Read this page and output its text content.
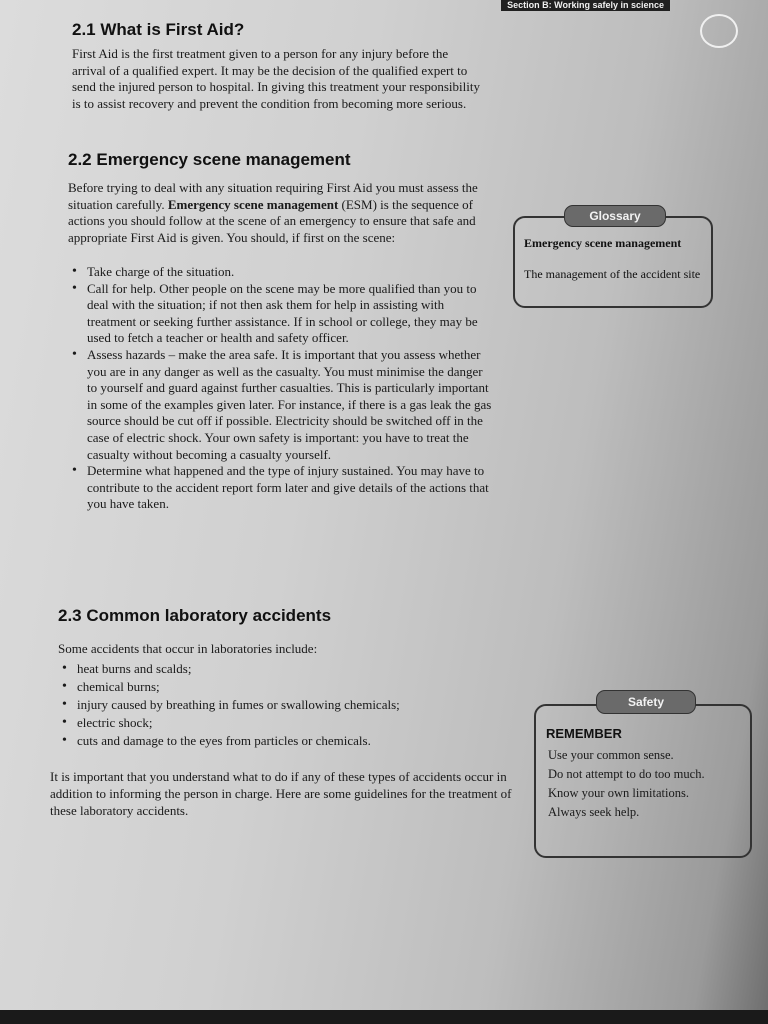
Section B: Working safely in science
2.1 What is First Aid?
First Aid is the first treatment given to a person for any injury before the arrival of a qualified expert. It may be the decision of the qualified expert to send the injured person to hospital. In giving this treatment your responsibility is to assist recovery and prevent the condition from becoming more serious.
2.2 Emergency scene management
Before trying to deal with any situation requiring First Aid you must assess the situation carefully. Emergency scene management (ESM) is the sequence of actions you should follow at the scene of an emergency to ensure that safe and appropriate First Aid is given. You should, if first on the scene:
• Take charge of the situation.
• Call for help. Other people on the scene may be more qualified than you to deal with the situation; if not then ask them for help in assisting with treatment or seeking further assistance. If in school or college, they may be used to fetch a teacher or health and safety officer.
• Assess hazards – make the area safe. It is important that you assess whether you are in any danger as well as the casualty. You must minimise the danger to yourself and guard against further casualties. This is particularly important in some of the examples given later. For instance, if there is a gas leak the gas source should be cut off if possible. Electricity should be switched off in the case of electric shock. Your own safety is important: you have to treat the casualty without becoming a casualty yourself.
• Determine what happened and the type of injury sustained. You may have to contribute to the accident report form later and give details of the actions that you have taken.
Glossary
Emergency scene management
The management of the accident site
2.3 Common laboratory accidents
Some accidents that occur in laboratories include:
• heat burns and scalds;
• chemical burns;
• injury caused by breathing in fumes or swallowing chemicals;
• electric shock;
• cuts and damage to the eyes from particles or chemicals.
It is important that you understand what to do if any of these types of accidents occur in addition to informing the person in charge. Here are some guidelines for the treatment of these laboratory accidents.
Safety
REMEMBER
Use your common sense.
Do not attempt to do too much.
Know your own limitations.
Always seek help.
